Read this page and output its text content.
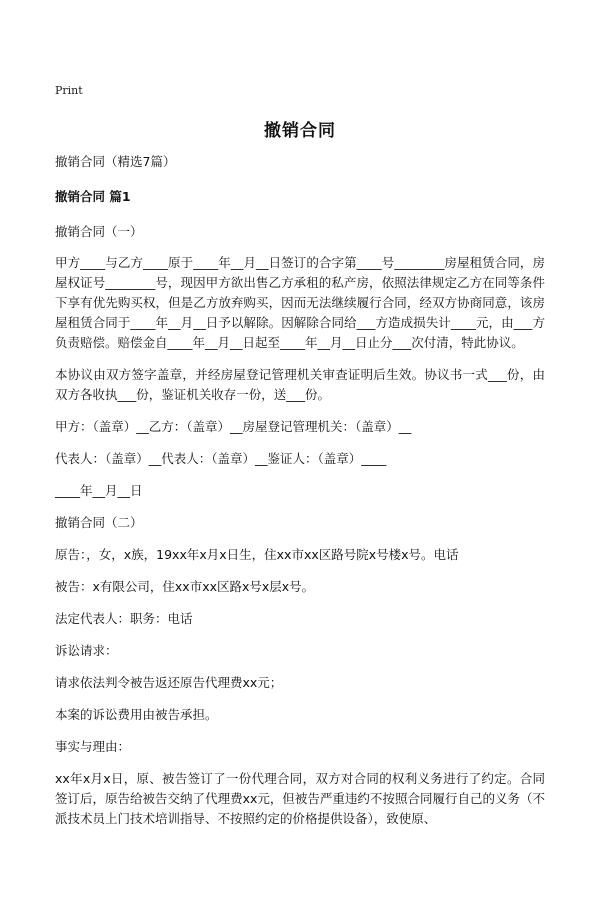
Print
撤销合同

撤销合同（精选7篇）

撤销合同 篇1

撤销合同（一）

甲方____与乙方____原于____年__月__日签订的合字第____号________房屋租赁合同，房屋权证号________号，现因甲方欲出售乙方承租的私产房，依照法律规定乙方在同等条件下享有优先购买权，但是乙方放弃购买，因而无法继续履行合同，经双方协商同意，该房屋租赁合同于____年__月__日予以解除。因解除合同给___方造成损失计____元，由___方负责赔偿。赔偿金自____年__月__日起至____年__月__日止分___次付清，特此协议。

本协议由双方签字盖章，并经房屋登记管理机关审查证明后生效。协议书一式___份，由双方各收执___份，鉴证机关收存一份，送___份。

甲方：（盖章）__乙方：（盖章）__房屋登记管理机关：（盖章）__

代表人：（盖章）__代表人：（盖章）__鉴证人：（盖章）____

____年__月__日

撤销合同（二）

原告：，女，x族，19xx年x月x日生，住xx市xx区路号院x号楼x号。电话

被告：x有限公司，住xx市xx区路x号x层x号。

法定代表人：职务：电话

诉讼请求：

请求依法判令被告返还原告代理费xx元；

本案的诉讼费用由被告承担。

事实与理由：

xx年x月x日，原、被告签订了一份代理合同，双方对合同的权利义务进行了约定。合同签订后，原告给被告交纳了代理费xx元，但被告严重违约不按照合同履行自己的义务（不派技术员上门技术培训指导、不按照约定的价格提供设备），致使原、
